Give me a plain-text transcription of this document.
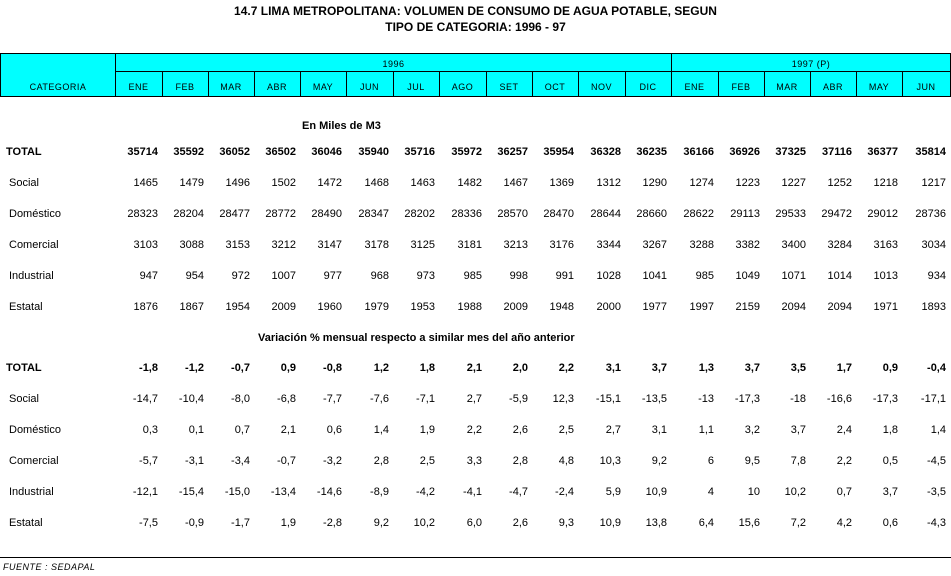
14.7 LIMA METROPOLITANA: VOLUMEN DE CONSUMO DE AGUA POTABLE, SEGUN
TIPO DE CATEGORIA: 1996 - 97
CATEGORIA
1996	1997 (P)
ENE	FEB	MAR	ABR	MAY	JUN	JUL	AGO	SET	OCT	NOV	DIC	ENE	FEB	MAR	ABR	MAY	JUN
En Miles de M3
TOTAL	35714	35592	36052	36502	36046	35940	35716	35972	36257	35954	36328	36235	36166	36926	37325	37116	36377	35814
Social	1465	1479	1496	1502	1472	1468	1463	1482	1467	1369	1312	1290	1274	1223	1227	1252	1218	1217
Doméstico	28323	28204	28477	28772	28490	28347	28202	28336	28570	28470	28644	28660	28622	29113	29533	29472	29012	28736
Comercial	3103	3088	3153	3212	3147	3178	3125	3181	3213	3176	3344	3267	3288	3382	3400	3284	3163	3034
Industrial	947	954	972	1007	977	968	973	985	998	991	1028	1041	985	1049	1071	1014	1013	934
Estatal	1876	1867	1954	2009	1960	1979	1953	1988	2009	1948	2000	1977	1997	2159	2094	2094	1971	1893
Variación % mensual respecto a similar mes del año anterior
TOTAL	-1,8	-1,2	-0,7	0,9	-0,8	1,2	1,8	2,1	2,0	2,2	3,1	3,7	1,3	3,7	3,5	1,7	0,9	-0,4
Social	-14,7	-10,4	-8,0	-6,8	-7,7	-7,6	-7,1	2,7	-5,9	12,3	-15,1	-13,5	-13	-17,3	-18	-16,6	-17,3	-17,1
Doméstico	0,3	0,1	0,7	2,1	0,6	1,4	1,9	2,2	2,6	2,5	2,7	3,1	1,1	3,2	3,7	2,4	1,8	1,4
Comercial	-5,7	-3,1	-3,4	-0,7	-3,2	2,8	2,5	3,3	2,8	4,8	10,3	9,2	6	9,5	7,8	2,2	0,5	-4,5
Industrial	-12,1	-15,4	-15,0	-13,4	-14,6	-8,9	-4,2	-4,1	-4,7	-2,4	5,9	10,9	4	10	10,2	0,7	3,7	-3,5
Estatal	-7,5	-0,9	-1,7	1,9	-2,8	9,2	10,2	6,0	2,6	9,3	10,9	13,8	6,4	15,6	7,2	4,2	0,6	-4,3
FUENTE : SEDAPAL
